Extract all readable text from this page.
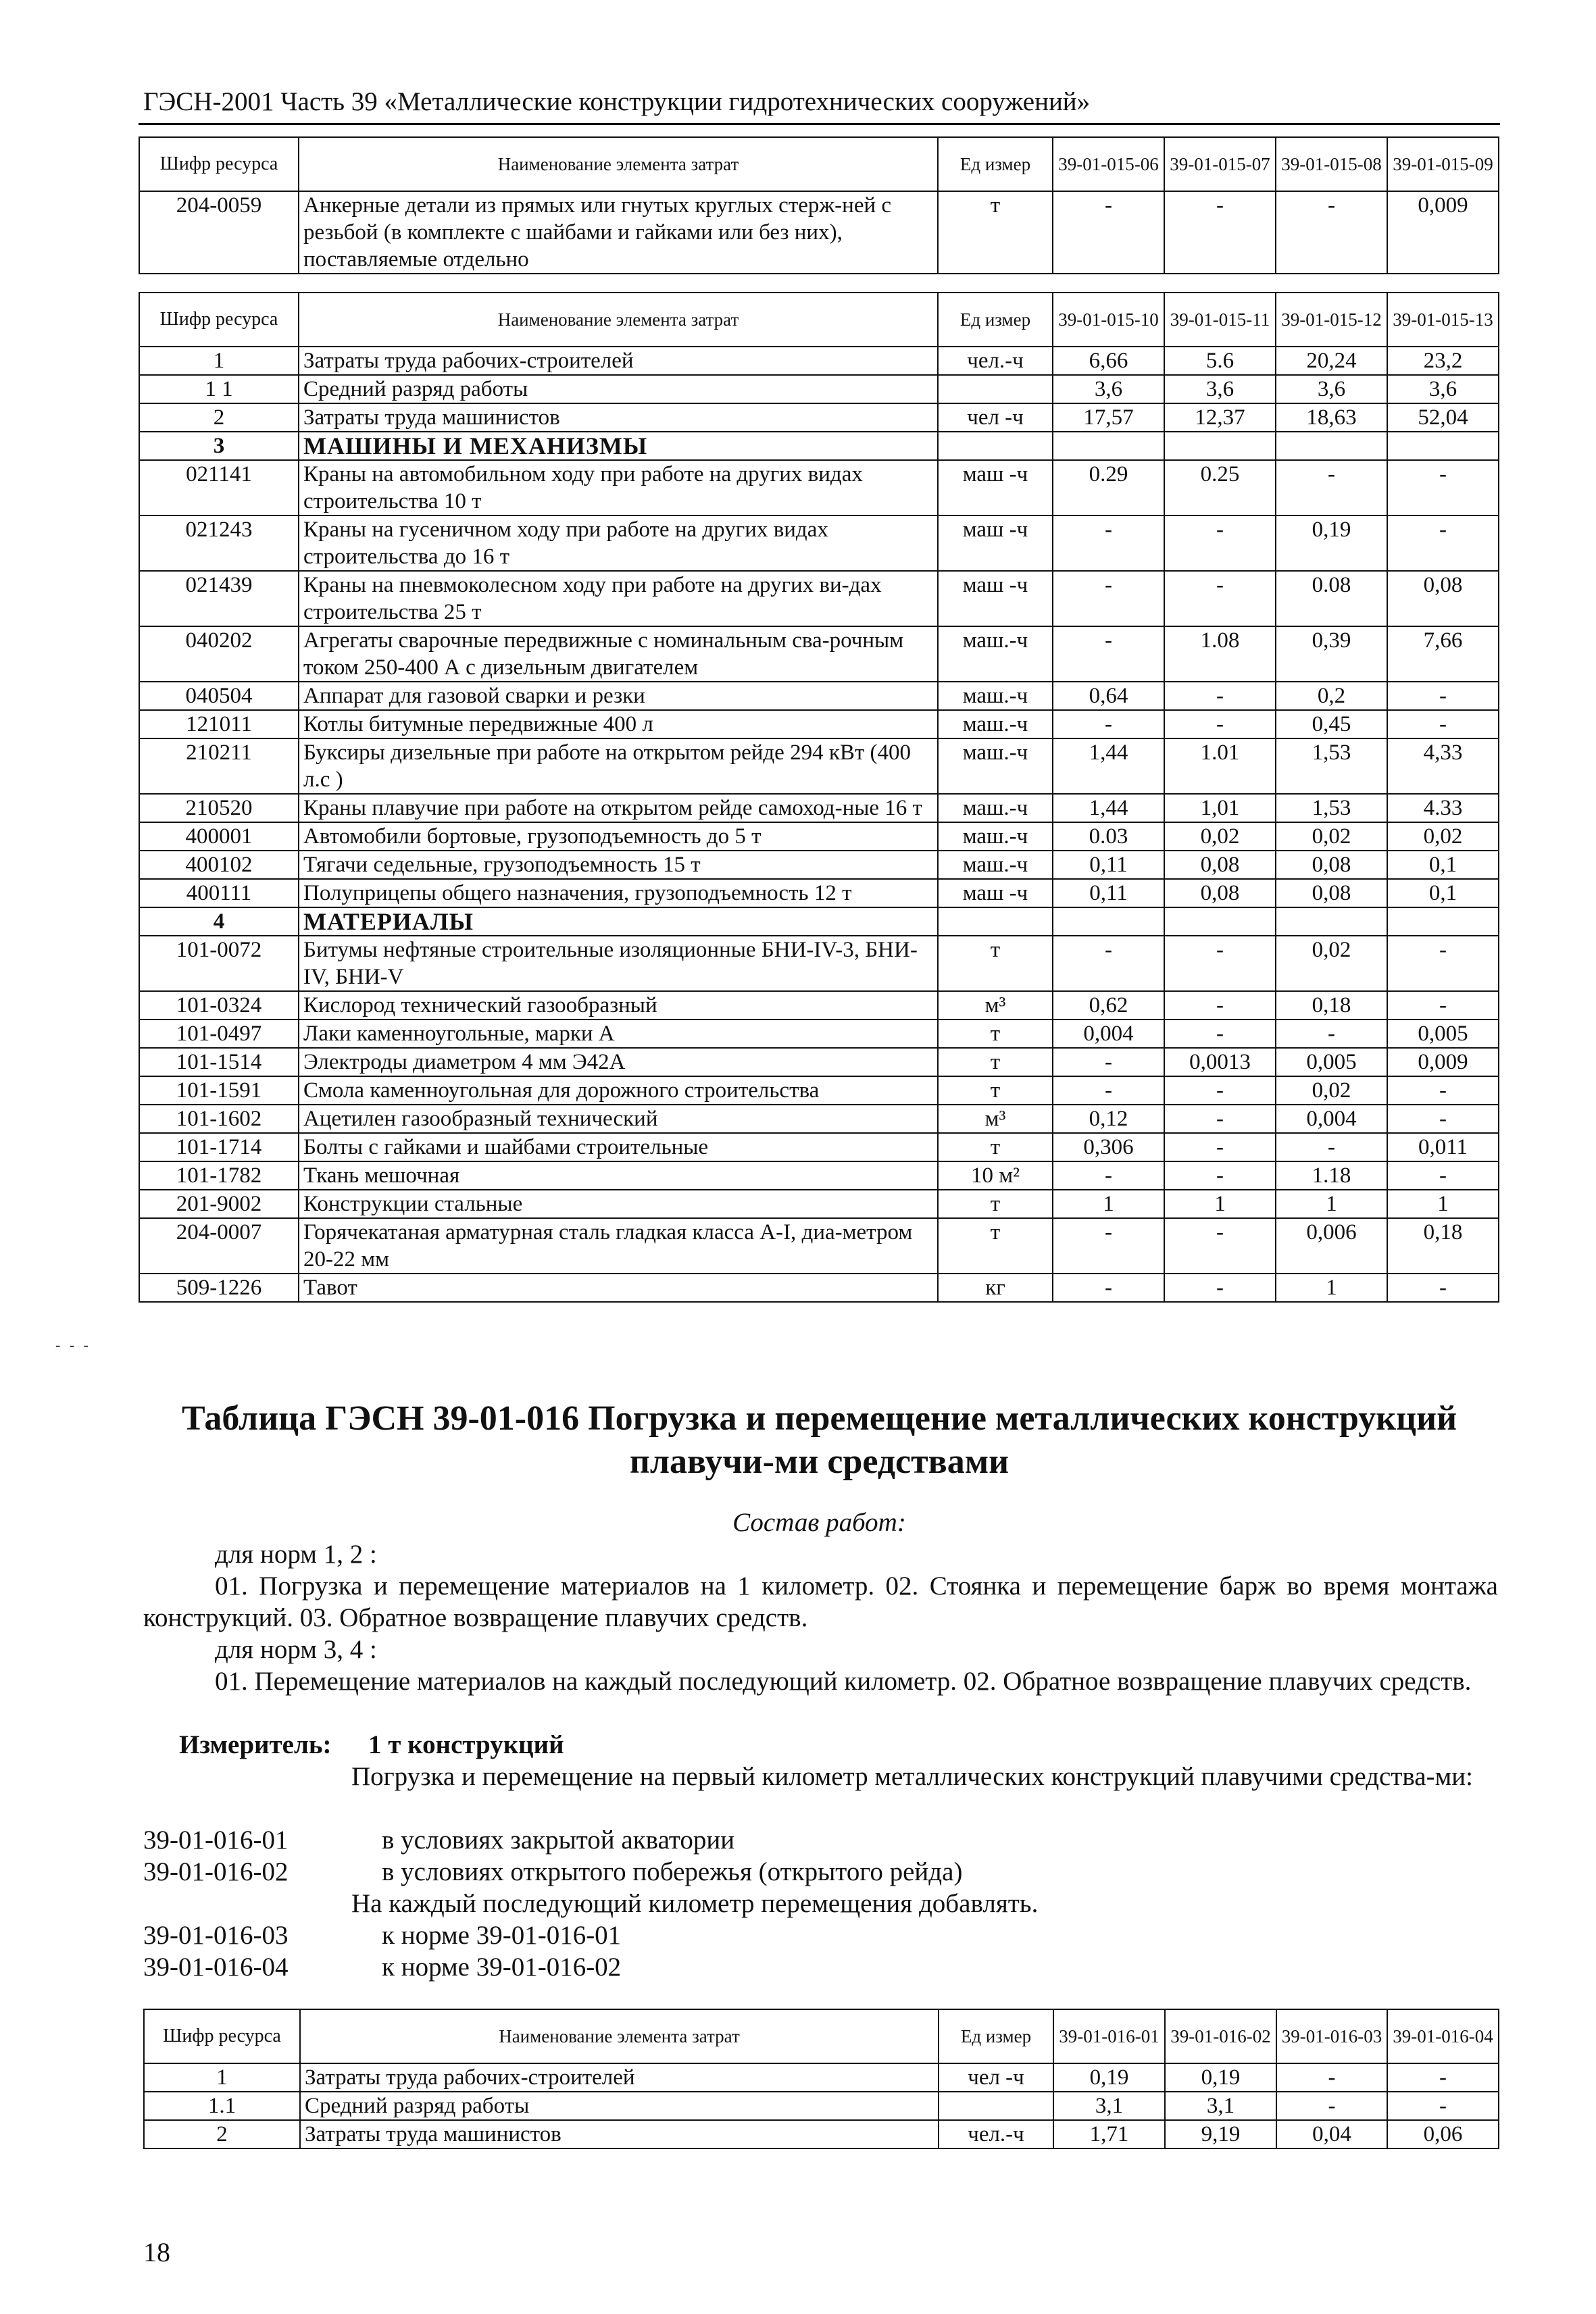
ГЭСН-2001 Часть 39 «Металлические конструкции гидротехнических сооружений»
Шифр ресурса	Наименование элемента затрат	Ед измер	39-01-015-06	39-01-015-07	39-01-015-08	39-01-015-09
204-0059	Анкерные детали из прямых или гнутых круглых стерж-ней с резьбой (в комплекте с шайбами и гайками или без них), поставляемые отдельно	т	-	-	-	0,009
Шифр ресурса	Наименование элемента затрат	Ед измер	39-01-015-10	39-01-015-11	39-01-015-12	39-01-015-13
1	Затраты труда рабочих-строителей	чел.-ч	6,66	5.6	20,24	23,2
1 1	Средний разряд работы		3,6	3,6	3,6	3,6
2	Затраты труда машинистов	чел -ч	17,57	12,37	18,63	52,04
3	МАШИНЫ И МЕХАНИЗМЫ					
021141	Краны на автомобильном ходу при работе на других видах строительства 10 т	маш -ч	0.29	0.25	-	-
021243	Краны на гусеничном ходу при работе на других видах строительства до 16 т	маш -ч	-	-	0,19	-
021439	Краны на пневмоколесном ходу при работе на других ви-дах строительства 25 т	маш -ч	-	-	0.08	0,08
040202	Агрегаты сварочные передвижные с номинальным сва-рочным током 250-400 А с дизельным двигателем	маш.-ч	-	1.08	0,39	7,66
040504	Аппарат для газовой сварки и резки	маш.-ч	0,64	-	0,2	-
121011	Котлы битумные передвижные 400 л	маш.-ч	-	-	0,45	-
210211	Буксиры дизельные при работе на открытом рейде 294 кВт (400 л.с )	маш.-ч	1,44	1.01	1,53	4,33
210520	Краны плавучие при работе на открытом рейде самоход-ные 16 т	маш.-ч	1,44	1,01	1,53	4.33
400001	Автомобили бортовые, грузоподъемность до 5 т	маш.-ч	0.03	0,02	0,02	0,02
400102	Тягачи седельные, грузоподъемность 15 т	маш.-ч	0,11	0,08	0,08	0,1
400111	Полуприцепы общего назначения, грузоподъемность 12 т	маш -ч	0,11	0,08	0,08	0,1
4	МАТЕРИАЛЫ					
101-0072	Битумы нефтяные строительные изоляционные БНИ-IV-3, БНИ-IV, БНИ-V	т	-	-	0,02	-
101-0324	Кислород технический газообразный	м³	0,62	-	0,18	-
101-0497	Лаки каменноугольные, марки А	т	0,004	-	-	0,005
101-1514	Электроды диаметром 4 мм Э42А	т	-	0,0013	0,005	0,009
101-1591	Смола каменноугольная для дорожного строительства	т	-	-	0,02	-
101-1602	Ацетилен газообразный технический	м³	0,12	-	0,004	-
101-1714	Болты с гайками и шайбами строительные	т	0,306	-	-	0,011
101-1782	Ткань мешочная	10 м²	-	-	1.18	-
201-9002	Конструкции стальные	т	1	1	1	1
204-0007	Горячекатаная арматурная сталь гладкая класса А-I, диа-метром 20-22 мм	т	-	-	0,006	0,18
509-1226	Тавот	кг	-	-	1	-
- - -
Таблица ГЭСН 39-01-016 Погрузка и перемещение металлических конструкций плавучи-ми средствами
Состав работ:
для норм 1, 2 :
01. Погрузка и перемещение материалов на 1 километр. 02. Стоянка и перемещение барж во время монтажа конструкций. 03. Обратное возвращение плавучих средств.
для норм 3, 4 :
01. Перемещение материалов на каждый последующий километр. 02. Обратное возвращение плавучих средств.
Измеритель:	1 т конструкций
Погрузка и перемещение на первый километр металлических конструкций плавучими средства-ми:
39-01-016-01	в условиях закрытой акватории
39-01-016-02	в условиях открытого побережья (открытого рейда)
На каждый последующий километр перемещения добавлять.
39-01-016-03	к норме 39-01-016-01
39-01-016-04	к норме 39-01-016-02
Шифр ресурса	Наименование элемента затрат	Ед измер	39-01-016-01	39-01-016-02	39-01-016-03	39-01-016-04
1	Затраты труда рабочих-строителей	чел -ч	0,19	0,19	-	-
1.1	Средний разряд работы		3,1	3,1	-	-
2	Затраты труда машинистов	чел.-ч	1,71	9,19	0,04	0,06
18
